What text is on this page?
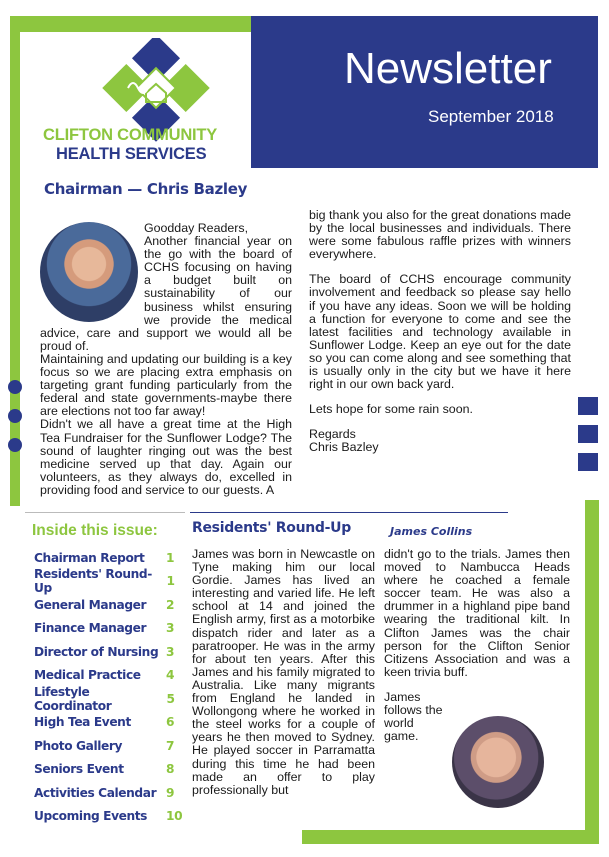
CLIFTON COMMUNITY
HEALTH SERVICES
Newsletter
September 2018
Chairman — Chris Bazley

Goodday Readers,

Another financial year on the go with the board of CCHS focusing on having a budget built on sustainability of our business whilst ensuring we provide the medical advice, care and support we would all be proud of.

Maintaining and updating our building is a key focus so we are placing extra emphasis on targeting grant funding particularly from the federal and state governments-maybe there are elections not too far away!

Didn't we all have a great time at the High Tea Fundraiser for the Sunflower Lodge? The sound of laughter ringing out was the best medicine served up that day. Again our volunteers, as they always do, excelled in providing food and service to our guests. A

big thank you also for the great donations made by the local businesses and individuals. There were some fabulous raffle prizes with winners everywhere.

The board of CCHS encourage community involvement and feedback so please say hello if you have any ideas. Soon we will be holding a function for everyone to come and see the latest facilities and technology available in Sunflower Lodge. Keep an eye out for the date so you can come along and see something that is usually only in the city but we have it here right in our own back yard.

Lets hope for some rain soon.

Regards

Chris Bazley

Inside this issue:
Chairman Report 1
Residents' Round-Up	1
General Manager 2
Finance Manager 3
Director of Nursing 3
Medical Practice 4
Lifestyle Coordinator	5
High Tea Event	6
Photo Gallery	7
Seniors Event	8
Activities Calendar 9
Upcoming Events 10
Residents' Round-Up	James Collins

James was born in Newcastle on Tyne making him our local Gordie. James has lived an interesting and varied life. He left school at 14 and joined the English army, first as a motorbike dispatch rider and later as a paratrooper. He was in the army for about ten years. After this James and his family migrated to Australia. Like many migrants from England he landed in Wollongong where he worked in the steel works for a couple of years he then moved to Sydney. He played soccer in Parramatta during this time he had been made an offer to play professionally but

didn't go to the trials. James then moved to Nambucca Heads where he coached a female soccer team. He was also a drummer in a highland pipe band wearing the traditional kilt. In Clifton James was the chair person for the Clifton Senior Citizens Association and was a keen trivia buff.

James follows the world game.
